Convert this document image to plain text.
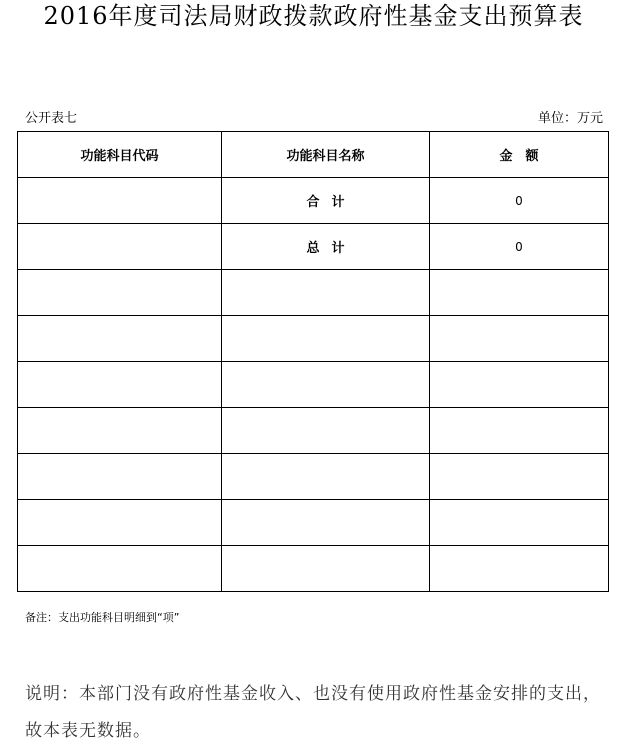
2016年度司法局财政拨款政府性基金支出预算表
公开表七	单位：万元
功能科目代码	功能科目名称	金　额
	合计	0
	总计	0

备注：支出功能科目明细到“项”
说明：本部门没有政府性基金收入、也没有使用政府性基金安排的支出，故本表无数据。
